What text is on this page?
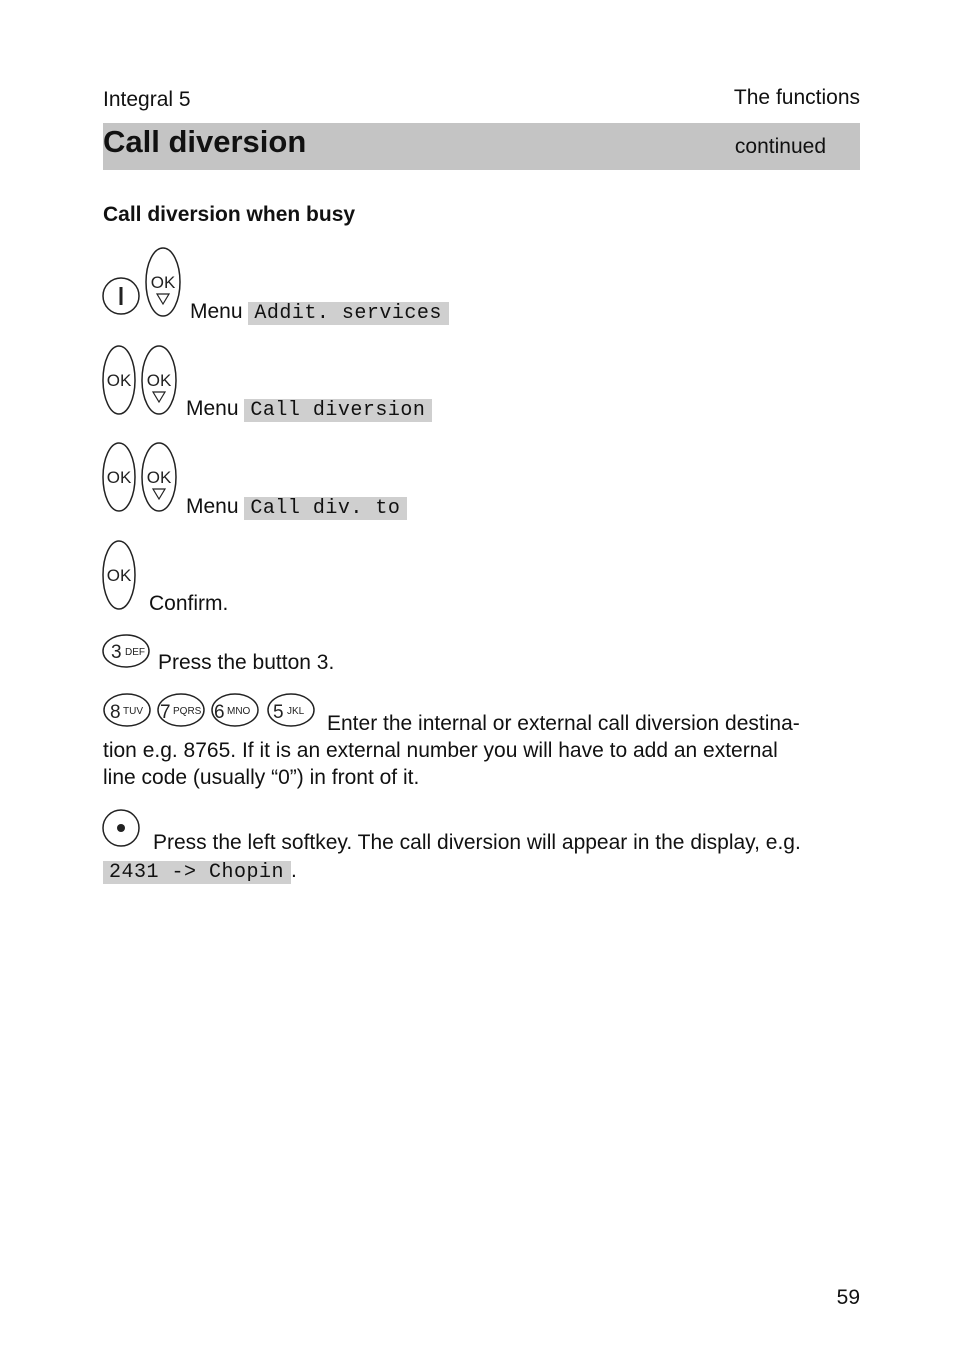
Integral 5	The functions
Call diversion	continued
Call diversion when busy
OK
Menu Addit. services
OK OK
Menu Call diversion
OK OK
Menu Call div. to
OK
Confirm.
3 DEF Press the button 3.
8 TUV 7 PQRS 6 MNO 5 JKL
Enter the internal or external call diversion destina-
tion e.g. 8765. If it is an external number you will have to add an external
line code (usually “0”) in front of it.
Press the left softkey. The call diversion will appear in the display, e.g.
2431 -> Chopin .
59
